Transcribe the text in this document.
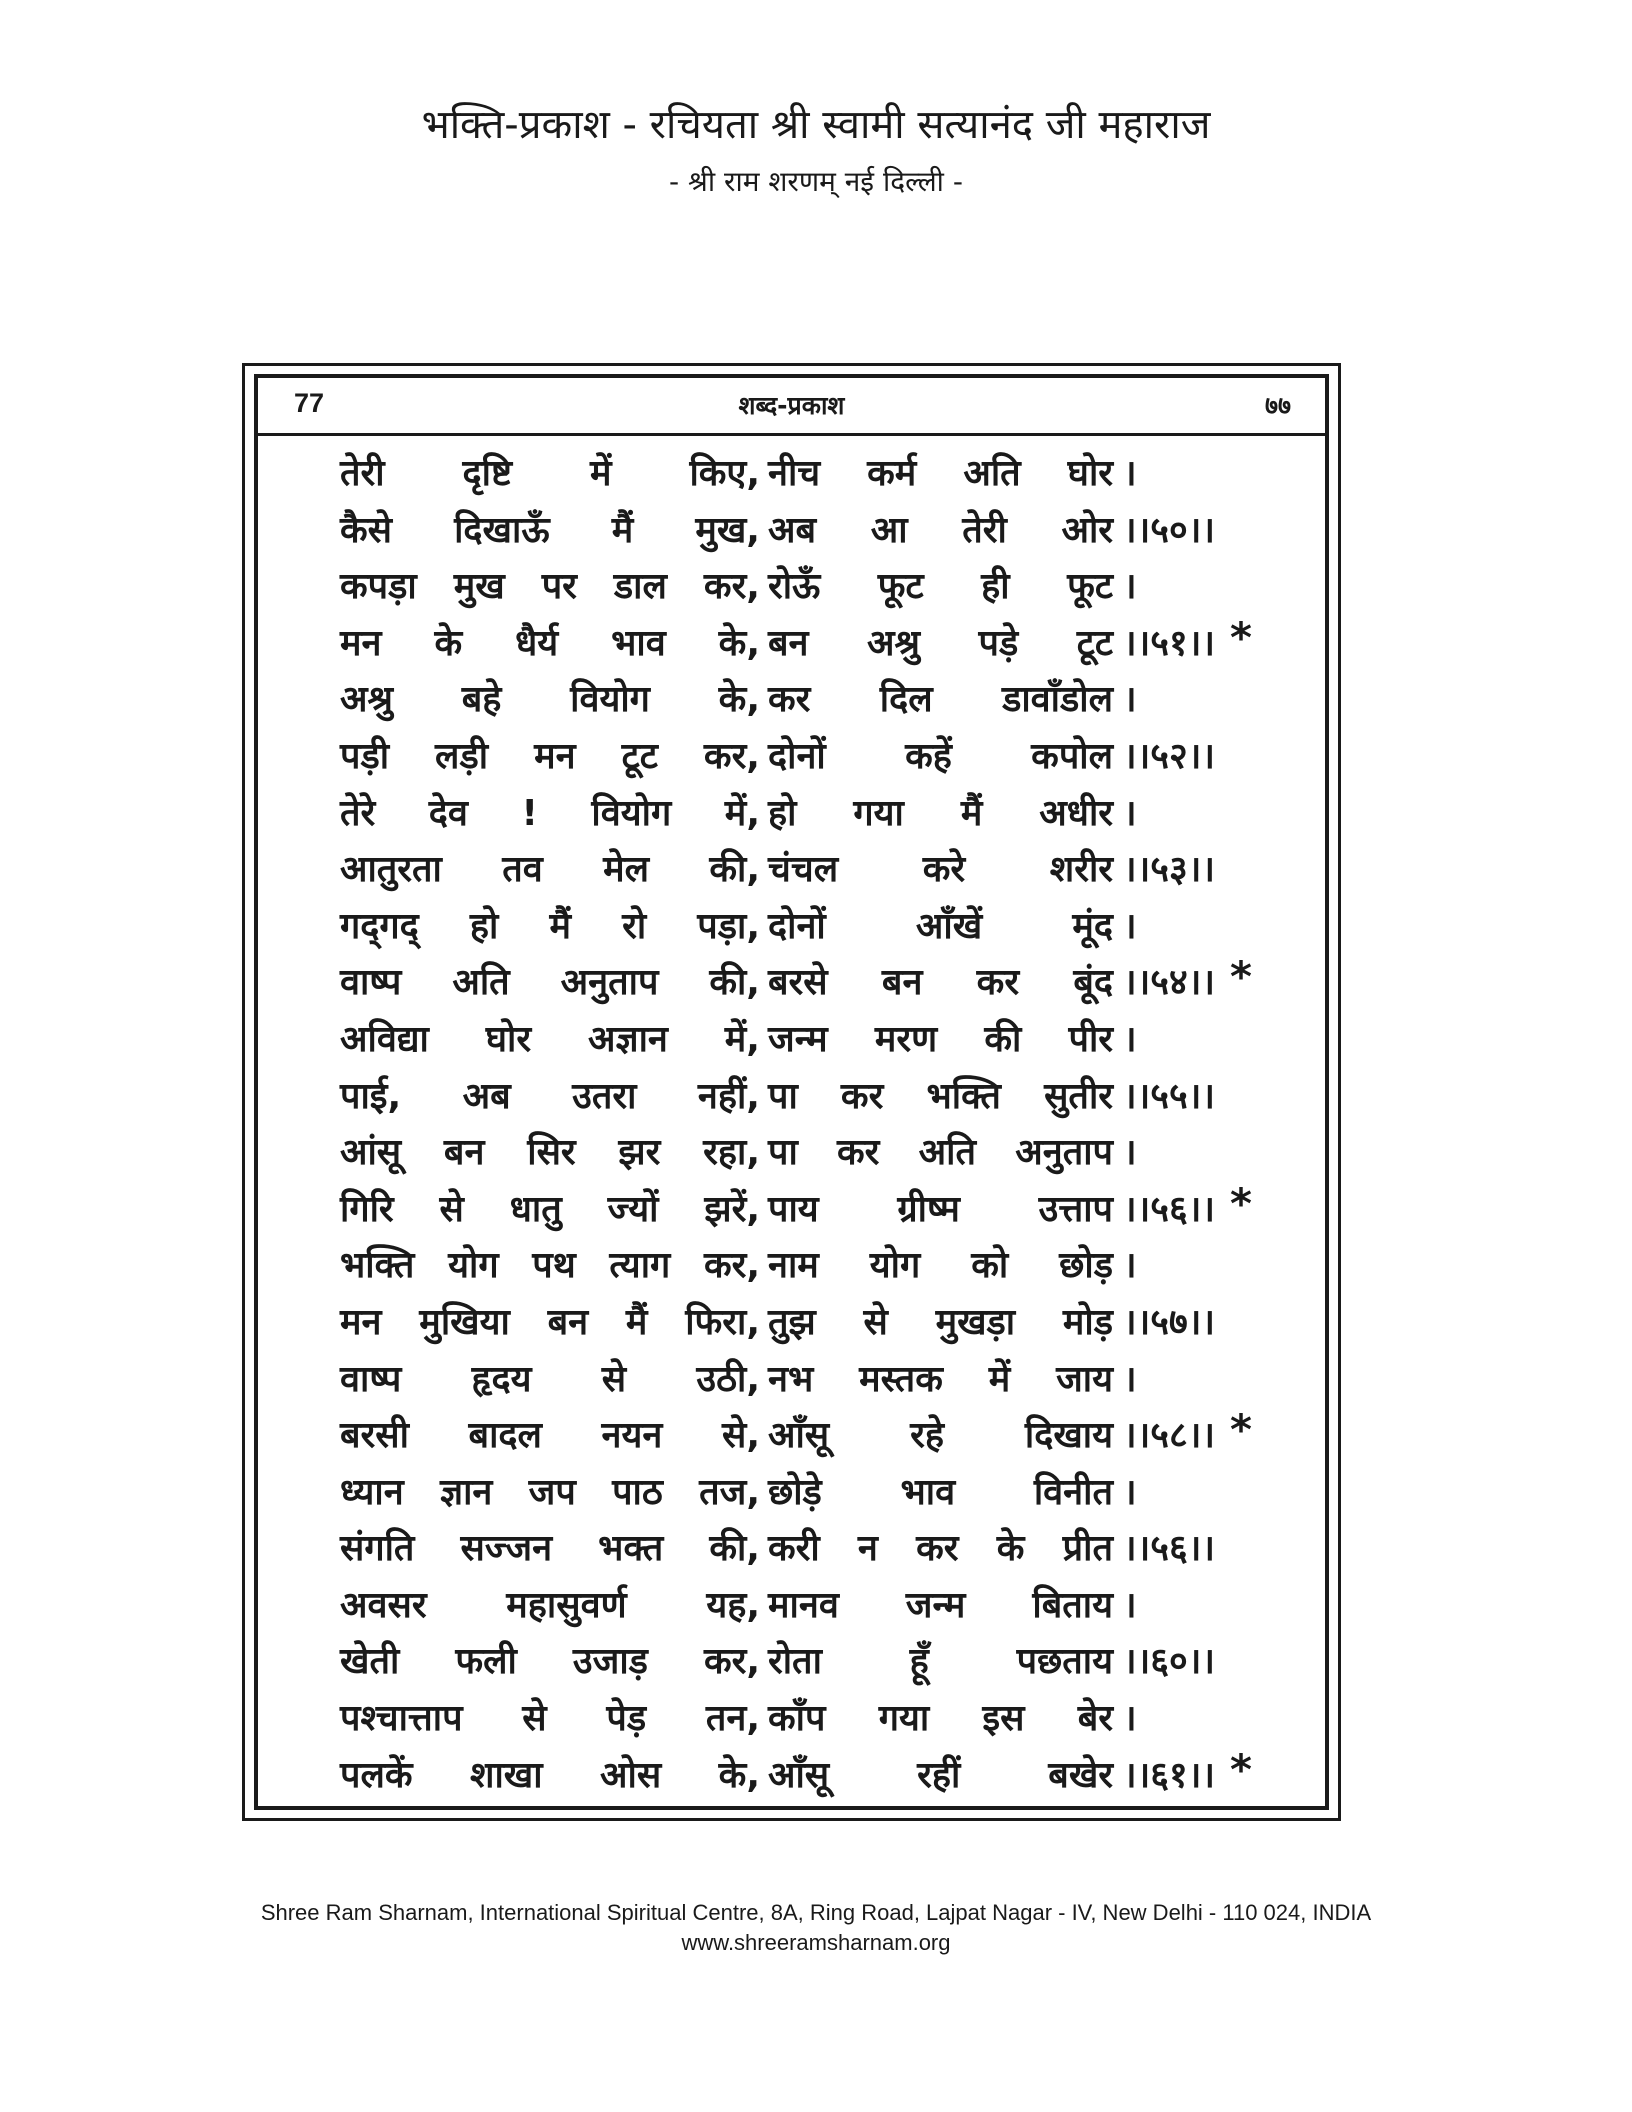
भक्ति-प्रकाश - रचियता श्री स्वामी सत्यानंद जी महाराज
- श्री राम शरणम् नई दिल्ली -
77	शब्द-प्रकाश	७७
तेरी दृष्टि में किए, नीच कर्म अति घोर ।
कैसे दिखाऊँ मैं मुख, अब आ तेरी ओर ।।५०।।
कपड़ा मुख पर डाल कर, रोऊँ फूट ही फूट ।
मन के धैर्य भाव के, बन अश्रु पड़े टूट ।।५१।। *
अश्रु बहे वियोग के, कर दिल डावाँडोल ।
पड़ी लड़ी मन टूट कर, दोनों कहें कपोल ।।५२।।
तेरे देव ! वियोग में, हो गया मैं अधीर ।
आतुरता तव मेल की, चंचल करे शरीर ।।५३।।
गद्‌गद् हो मैं रो पड़ा, दोनों आँखें मूंद ।
वाष्प अति अनुताप की, बरसे बन कर बूंद ।।५४।। *
अविद्या घोर अज्ञान में, जन्म मरण की पीर ।
पाई, अब उतरा नहीं, पा कर भक्ति सुतीर ।।५५।।
आंसू बन सिर झर रहा, पा कर अति अनुताप ।
गिरि से धातु ज्यों झरें, पाय ग्रीष्म उत्ताप ।।५६।। *
भक्ति योग पथ त्याग कर, नाम योग को छोड़ ।
मन मुखिया बन मैं फिरा, तुझ से मुखड़ा मोड़ ।।५७।।
वाष्प हृदय से उठी, नभ मस्तक में जाय ।
बरसी बादल नयन से, आँसू रहे दिखाय ।।५८।। *
ध्यान ज्ञान जप पाठ तज, छोड़े भाव विनीत ।
संगति सज्जन भक्त की, करी न कर के प्रीत ।।५६।।
अवसर महासुवर्ण यह, मानव जन्म बिताय ।
खेती फली उजाड़ कर, रोता हूँ पछताय ।।६०।।
पश्चात्ताप से पेड़ तन, काँप गया इस बेर ।
पलकें शाखा ओस के, आँसू रहीं बखेर ।।६१।। *
Shree Ram Sharnam, International Spiritual Centre, 8A, Ring Road, Lajpat Nagar - IV, New Delhi - 110 024, INDIA
www.shreeramsharnam.org
